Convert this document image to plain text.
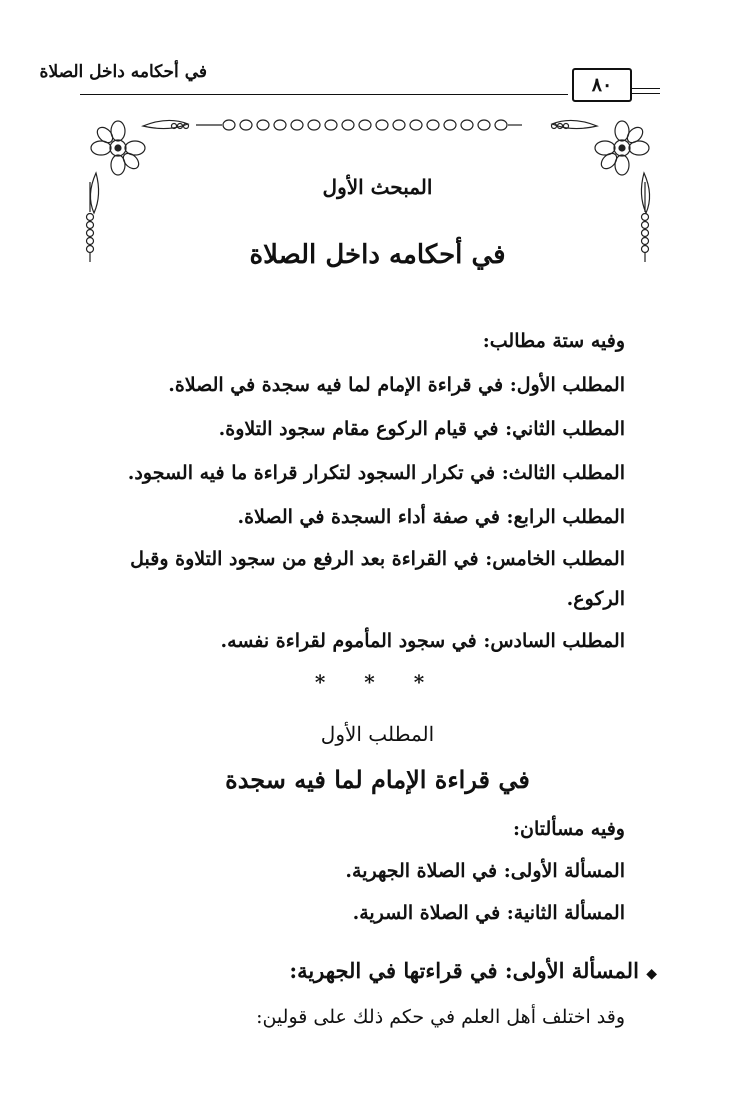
في أحكامه داخل الصلاة
٨٠
المبحث الأول
في أحكامه داخل الصلاة
وفيه ستة مطالب:
المطلب الأول: في قراءة الإمام لما فيه سجدة في الصلاة.
المطلب الثاني: في قيام الركوع مقام سجود التلاوة.
المطلب الثالث: في تكرار السجود لتكرار قراءة ما فيه السجود.
المطلب الرابع: في صفة أداء السجدة في الصلاة.
المطلب الخامس: في القراءة بعد الرفع من سجود التلاوة وقبل
الركوع.
المطلب السادس: في سجود المأموم لقراءة نفسه.
* * *
المطلب الأول
في قراءة الإمام لما فيه سجدة
وفيه مسألتان:
المسألة الأولى: في الصلاة الجهرية.
المسألة الثانية: في الصلاة السرية.
◆ المسألة الأولى: في قراءتها في الجهرية:
وقد اختلف أهل العلم في حكم ذلك على قولين:
